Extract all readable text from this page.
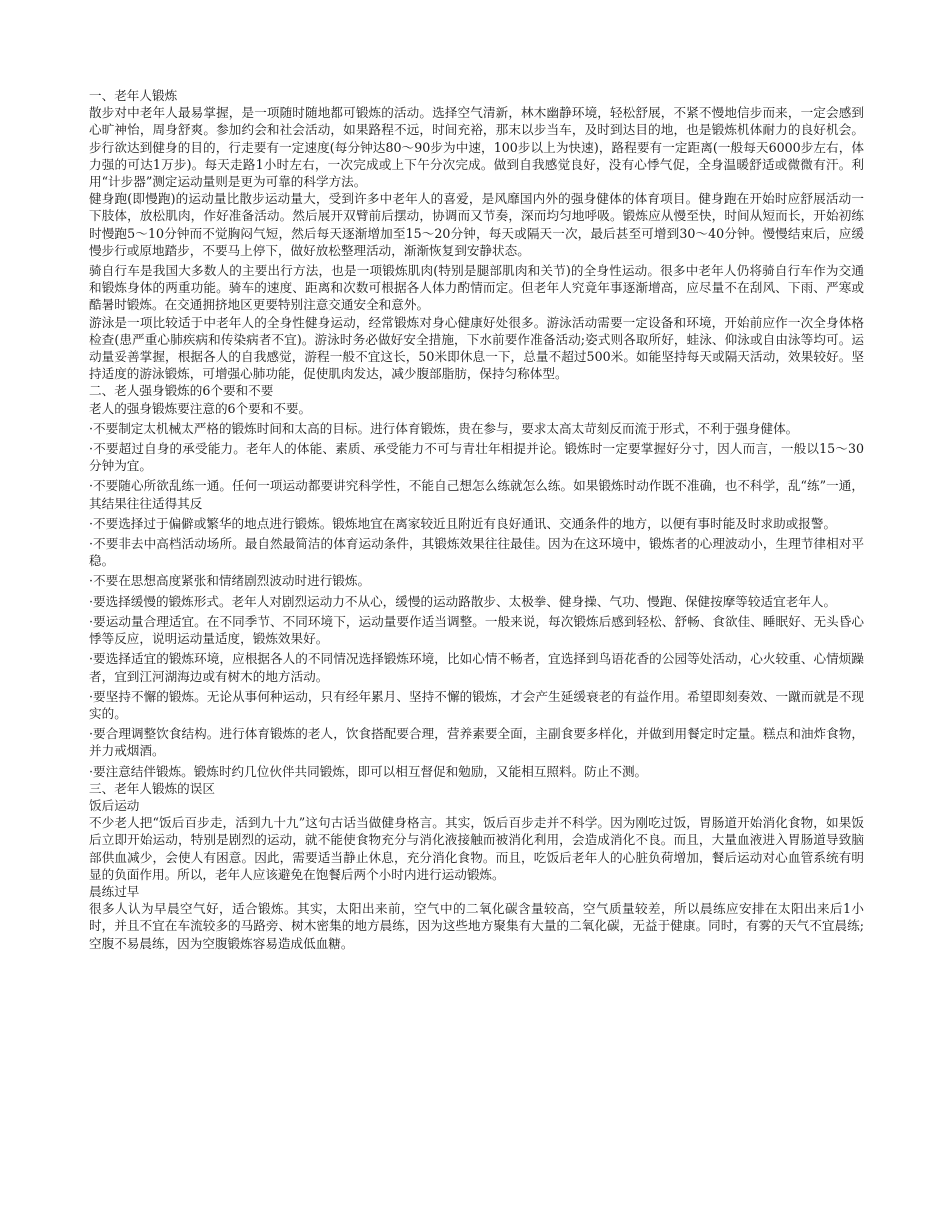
一、老年人锻炼

散步对中老年人最易掌握，是一项随时随地都可锻炼的活动。选择空气清新，林木幽静环境，轻松舒展，不紧不慢地信步而来，一定会感到心旷神怡，周身舒爽。参加约会和社会活动，如果路程不远，时间充裕，那末以步当车，及时到达目的地，也是锻炼机体耐力的良好机会。步行欲达到健身的目的，行走要有一定速度(每分钟达80～90步为中速，100步以上为快速)，路程要有一定距离(一般每天6000步左右，体力强的可达1万步)。每天走路1小时左右，一次完成或上下午分次完成。做到自我感觉良好，没有心悸气促，全身温暖舒适或微微有汗。利用“计步器”测定运动量则是更为可靠的科学方法。

健身跑(即慢跑)的运动量比散步运动量大，受到许多中老年人的喜爱，是风靡国内外的强身健体的体育项目。健身跑在开始时应舒展活动一下肢体，放松肌肉，作好准备活动。然后展开双臂前后摆动，协调而又节奏，深而均匀地呼吸。锻炼应从慢至快，时间从短而长，开始初练时慢跑5～10分钟而不觉胸闷气短，然后每天逐渐增加至15～20分钟，每天或隔天一次，最后甚至可增到30～40分钟。慢慢结束后，应缓慢步行或原地踏步，不要马上停下，做好放松整理活动，渐渐恢复到安静状态。

骑自行车是我国大多数人的主要出行方法，也是一项锻炼肌肉(特别是腿部肌肉和关节)的全身性运动。很多中老年人仍将骑自行车作为交通和锻炼身体的两重功能。骑车的速度、距离和次数可根据各人体力酌情而定。但老年人究竟年事逐渐增高，应尽量不在刮风、下雨、严寒或酷暑时锻炼。在交通拥挤地区更要特别注意交通安全和意外。

游泳是一项比较适于中老年人的全身性健身运动，经常锻炼对身心健康好处很多。游泳活动需要一定设备和环境，开始前应作一次全身体格检查(患严重心肺疾病和传染病者不宜)。游泳时务必做好安全措施，下水前要作准备活动;姿式则各取所好，蛙泳、仰泳或自由泳等均可。运动量妥善掌握，根据各人的自我感觉，游程一般不宜这长，50米即休息一下，总量不超过500米。如能坚持每天或隔天活动，效果较好。坚持适度的游泳锻炼，可增强心肺功能，促使肌肉发达，减少腹部脂肪，保持匀称体型。

二、老人强身锻炼的6个要和不要

老人的强身锻炼要注意的6个要和不要。

·不要制定太机械太严格的锻炼时间和太高的目标。进行体育锻炼，贵在参与，要求太高太苛刻反而流于形式，不利于强身健体。

·不要超过自身的承受能力。老年人的体能、素质、承受能力不可与青壮年相提并论。锻炼时一定要掌握好分寸，因人而言，一般以15～30分钟为宜。

·不要随心所欲乱练一通。任何一项运动都要讲究科学性，不能自己想怎么练就怎么练。如果锻炼时动作既不准确，也不科学，乱“练”一通，其结果往往适得其反

·不要选择过于偏僻或繁华的地点进行锻炼。锻炼地宜在离家较近且附近有良好通讯、交通条件的地方，以便有事时能及时求助或报警。

·不要非去中高档活动场所。最自然最简洁的体育运动条件，其锻炼效果往往最佳。因为在这环境中，锻炼者的心理波动小，生理节律相对平稳。

·不要在思想高度紧张和情绪剧烈波动时进行锻炼。

·要选择缓慢的锻炼形式。老年人对剧烈运动力不从心，缓慢的运动路散步、太极拳、健身操、气功、慢跑、保健按摩等较适宜老年人。

·要运动量合理适宜。在不同季节、不同环境下，运动量要作适当调整。一般来说，每次锻炼后感到轻松、舒畅、食欲佳、睡眠好、无头昏心悸等反应，说明运动量适度，锻炼效果好。

·要选择适宜的锻炼环境，应根据各人的不同情况选择锻炼环境，比如心情不畅者，宜选择到鸟语花香的公园等处活动，心火较重、心情烦躁者，宜到江河湖海边或有树木的地方活动。

·要坚持不懈的锻炼。无论从事何种运动，只有经年累月、坚持不懈的锻炼，才会产生延缓衰老的有益作用。希望即刻奏效、一蹴而就是不现实的。

·要合理调整饮食结构。进行体育锻炼的老人，饮食搭配要合理，营养素要全面，主副食要多样化，并做到用餐定时定量。糕点和油炸食物，并力戒烟酒。

·要注意结伴锻炼。锻炼时约几位伙伴共同锻炼，即可以相互督促和勉励，又能相互照料。防止不测。

三、老年人锻炼的误区

饭后运动

不少老人把“饭后百步走，活到九十九”这句古话当做健身格言。其实，饭后百步走并不科学。因为刚吃过饭，胃肠道开始消化食物，如果饭后立即开始运动，特别是剧烈的运动，就不能使食物充分与消化液接触而被消化利用，会造成消化不良。而且，大量血液进入胃肠道导致脑部供血减少，会使人有困意。因此，需要适当静止休息，充分消化食物。而且，吃饭后老年人的心脏负荷增加，餐后运动对心血管系统有明显的负面作用。所以，老年人应该避免在饱餐后两个小时内进行运动锻炼。

晨练过早

很多人认为早晨空气好，适合锻炼。其实，太阳出来前，空气中的二氧化碳含量较高，空气质量较差，所以晨练应安排在太阳出来后1小时，并且不宜在车流较多的马路旁、树木密集的地方晨练，因为这些地方聚集有大量的二氧化碳，无益于健康。同时，有雾的天气不宜晨练;空腹不易晨练，因为空腹锻炼容易造成低血糖。
